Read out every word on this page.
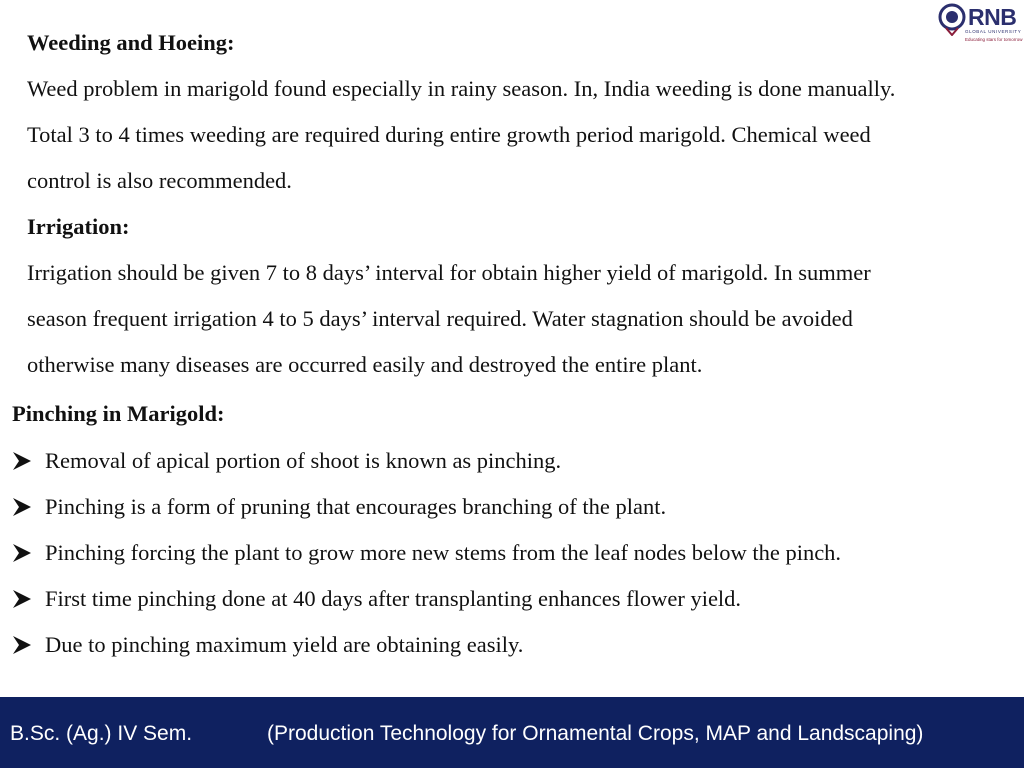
RNB
GLOBAL UNIVERSITY
Educating stars for tomorrow
Weeding and Hoeing:
Weed problem in marigold found especially in rainy season. In, India weeding is done manually.
Total 3 to 4 times weeding are required during entire growth period marigold. Chemical weed
control is also recommended.
Irrigation:
Irrigation should be given 7 to 8 days’ interval for obtain higher yield of marigold. In summer
season frequent irrigation 4 to 5 days’ interval required. Water stagnation should be avoided
otherwise many diseases are occurred easily and destroyed the entire plant.
Pinching in Marigold:
Removal of apical portion of shoot is known as pinching.
Pinching is a form of pruning that encourages branching of the plant.
Pinching forcing the plant to grow more new stems from the leaf nodes below the pinch.
First time pinching done at 40 days after transplanting enhances flower yield.
Due to pinching maximum yield are obtaining easily.
B.Sc. (Ag.) IV Sem.	(Production Technology for Ornamental Crops, MAP and Landscaping)
